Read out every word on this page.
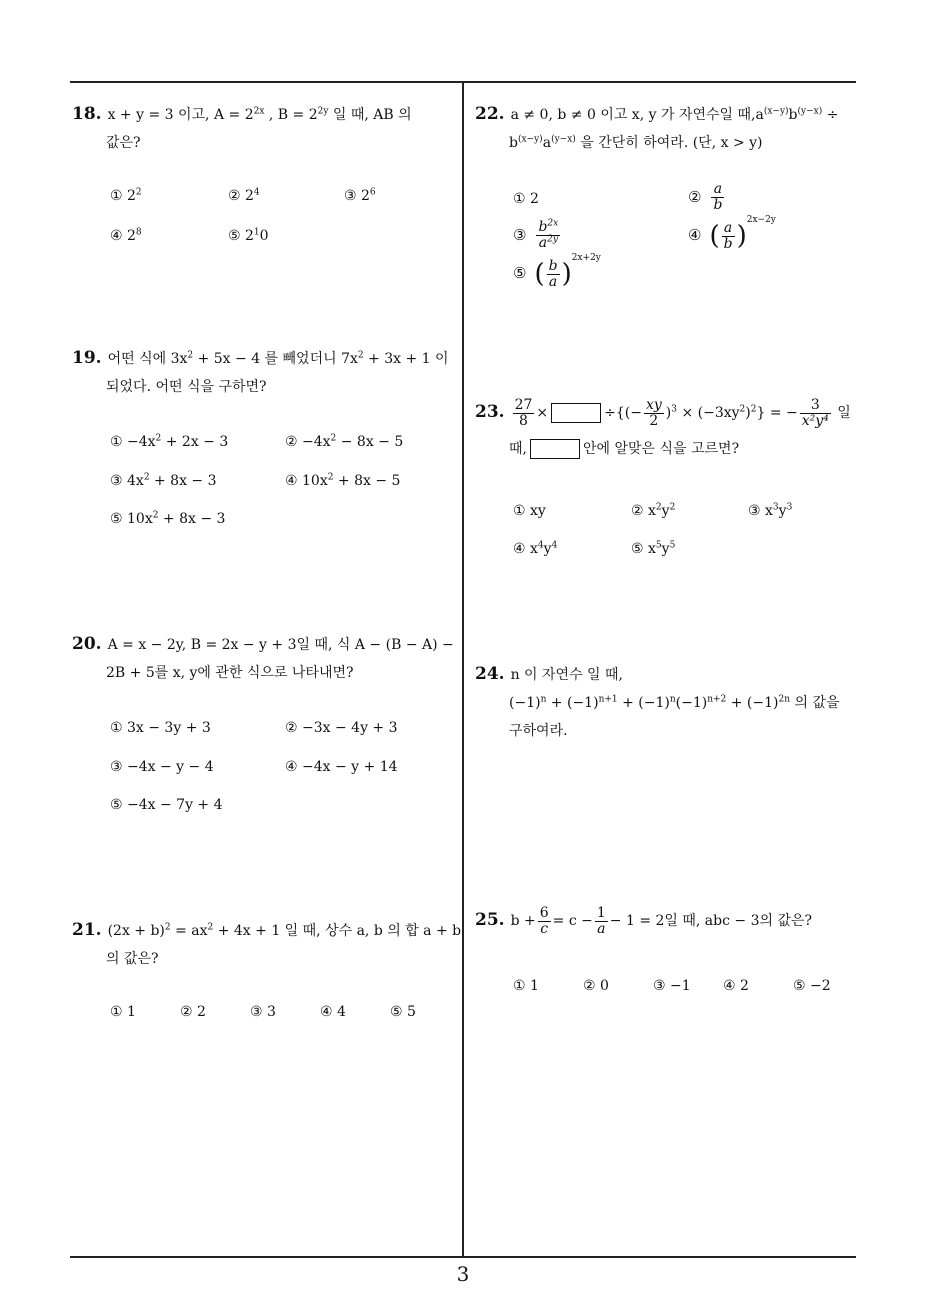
18. x + y = 3 이고, $A = 2^{2x}$ , $B = 2^{2y}$ 일 때, AB 의
값은?
① $2^2$	② $2^4$	③ $2^6$
④ $2^8$	⑤ $2^10$
19. 어떤 식에 $3x^2 + 5x - 4$ 를 빼었더니 $7x^2 + 3x + 1$ 이
되었다. 어떤 식을 구하면?
① $-4x^2 + 2x - 3$	② $-4x^2 - 8x - 5$
③ $4x^2 + 8x - 3$	④ $10x^2 + 8x - 5$
⑤ $10x^2 + 8x - 3$
20. A = x − 2y, B = 2x − y + 3일 때, 식 A − (B − A) −
2B + 5를 x, y에 관한 식으로 나타내면?
① 3x − 3y + 3	② −3x − 4y + 3
③ −4x − y − 4	④ −4x − y + 14
⑤ −4x − 7y + 4
21. $(2x + b)^2 = ax^2 + 4x + 1$ 일 때, 상수 a, b 의 합 a + b
의 값은?
① 1	② 2	③ 3	④ 4	⑤ 5
22. a ≠ 0, b ≠ 0 이고 x, y 가 자연수일 때$,a^{(x-y)}b^{(y-x)}$ ÷
$b^{(x-y)}a^{(y-x)}$ 을 간단히 하여라. (단, x > y)
① 2	② $\frac{a}{b}$
③ $\frac{b^{2x}}{a^{2y}}$	④ ( $\frac{a}{b} )^{2x-2y}$
⑤ ( $\frac{b}{a} )^{2x+2y}$
23. $\frac{27}{8}$ ×	÷{(− $\frac{xy}{2} )^3 \times (-3xy^2)^2$} = − $\frac{3}{\text{x²y⁴}}$ 일
때,	안에 알맞은 식을 고르면?
① xy	② $x^2y^2$	③ $x^3y^3$
④ $x^4y^4$	⑤ $x^5y^5$
24. n 이 자연수 일 때,
$(-1)^n + (-1)^{n+1} + (-1)^n(-1)^{n+2} + (-1)^{2n}$ 의 값을
구하여라.
25. $b + \frac{6}{c} = c - \frac{1}{a} - 1 = 2$일 때, abc − 3의 값은?
① 1	② 0	③ −1 ④ 2	⑤ −2
3
